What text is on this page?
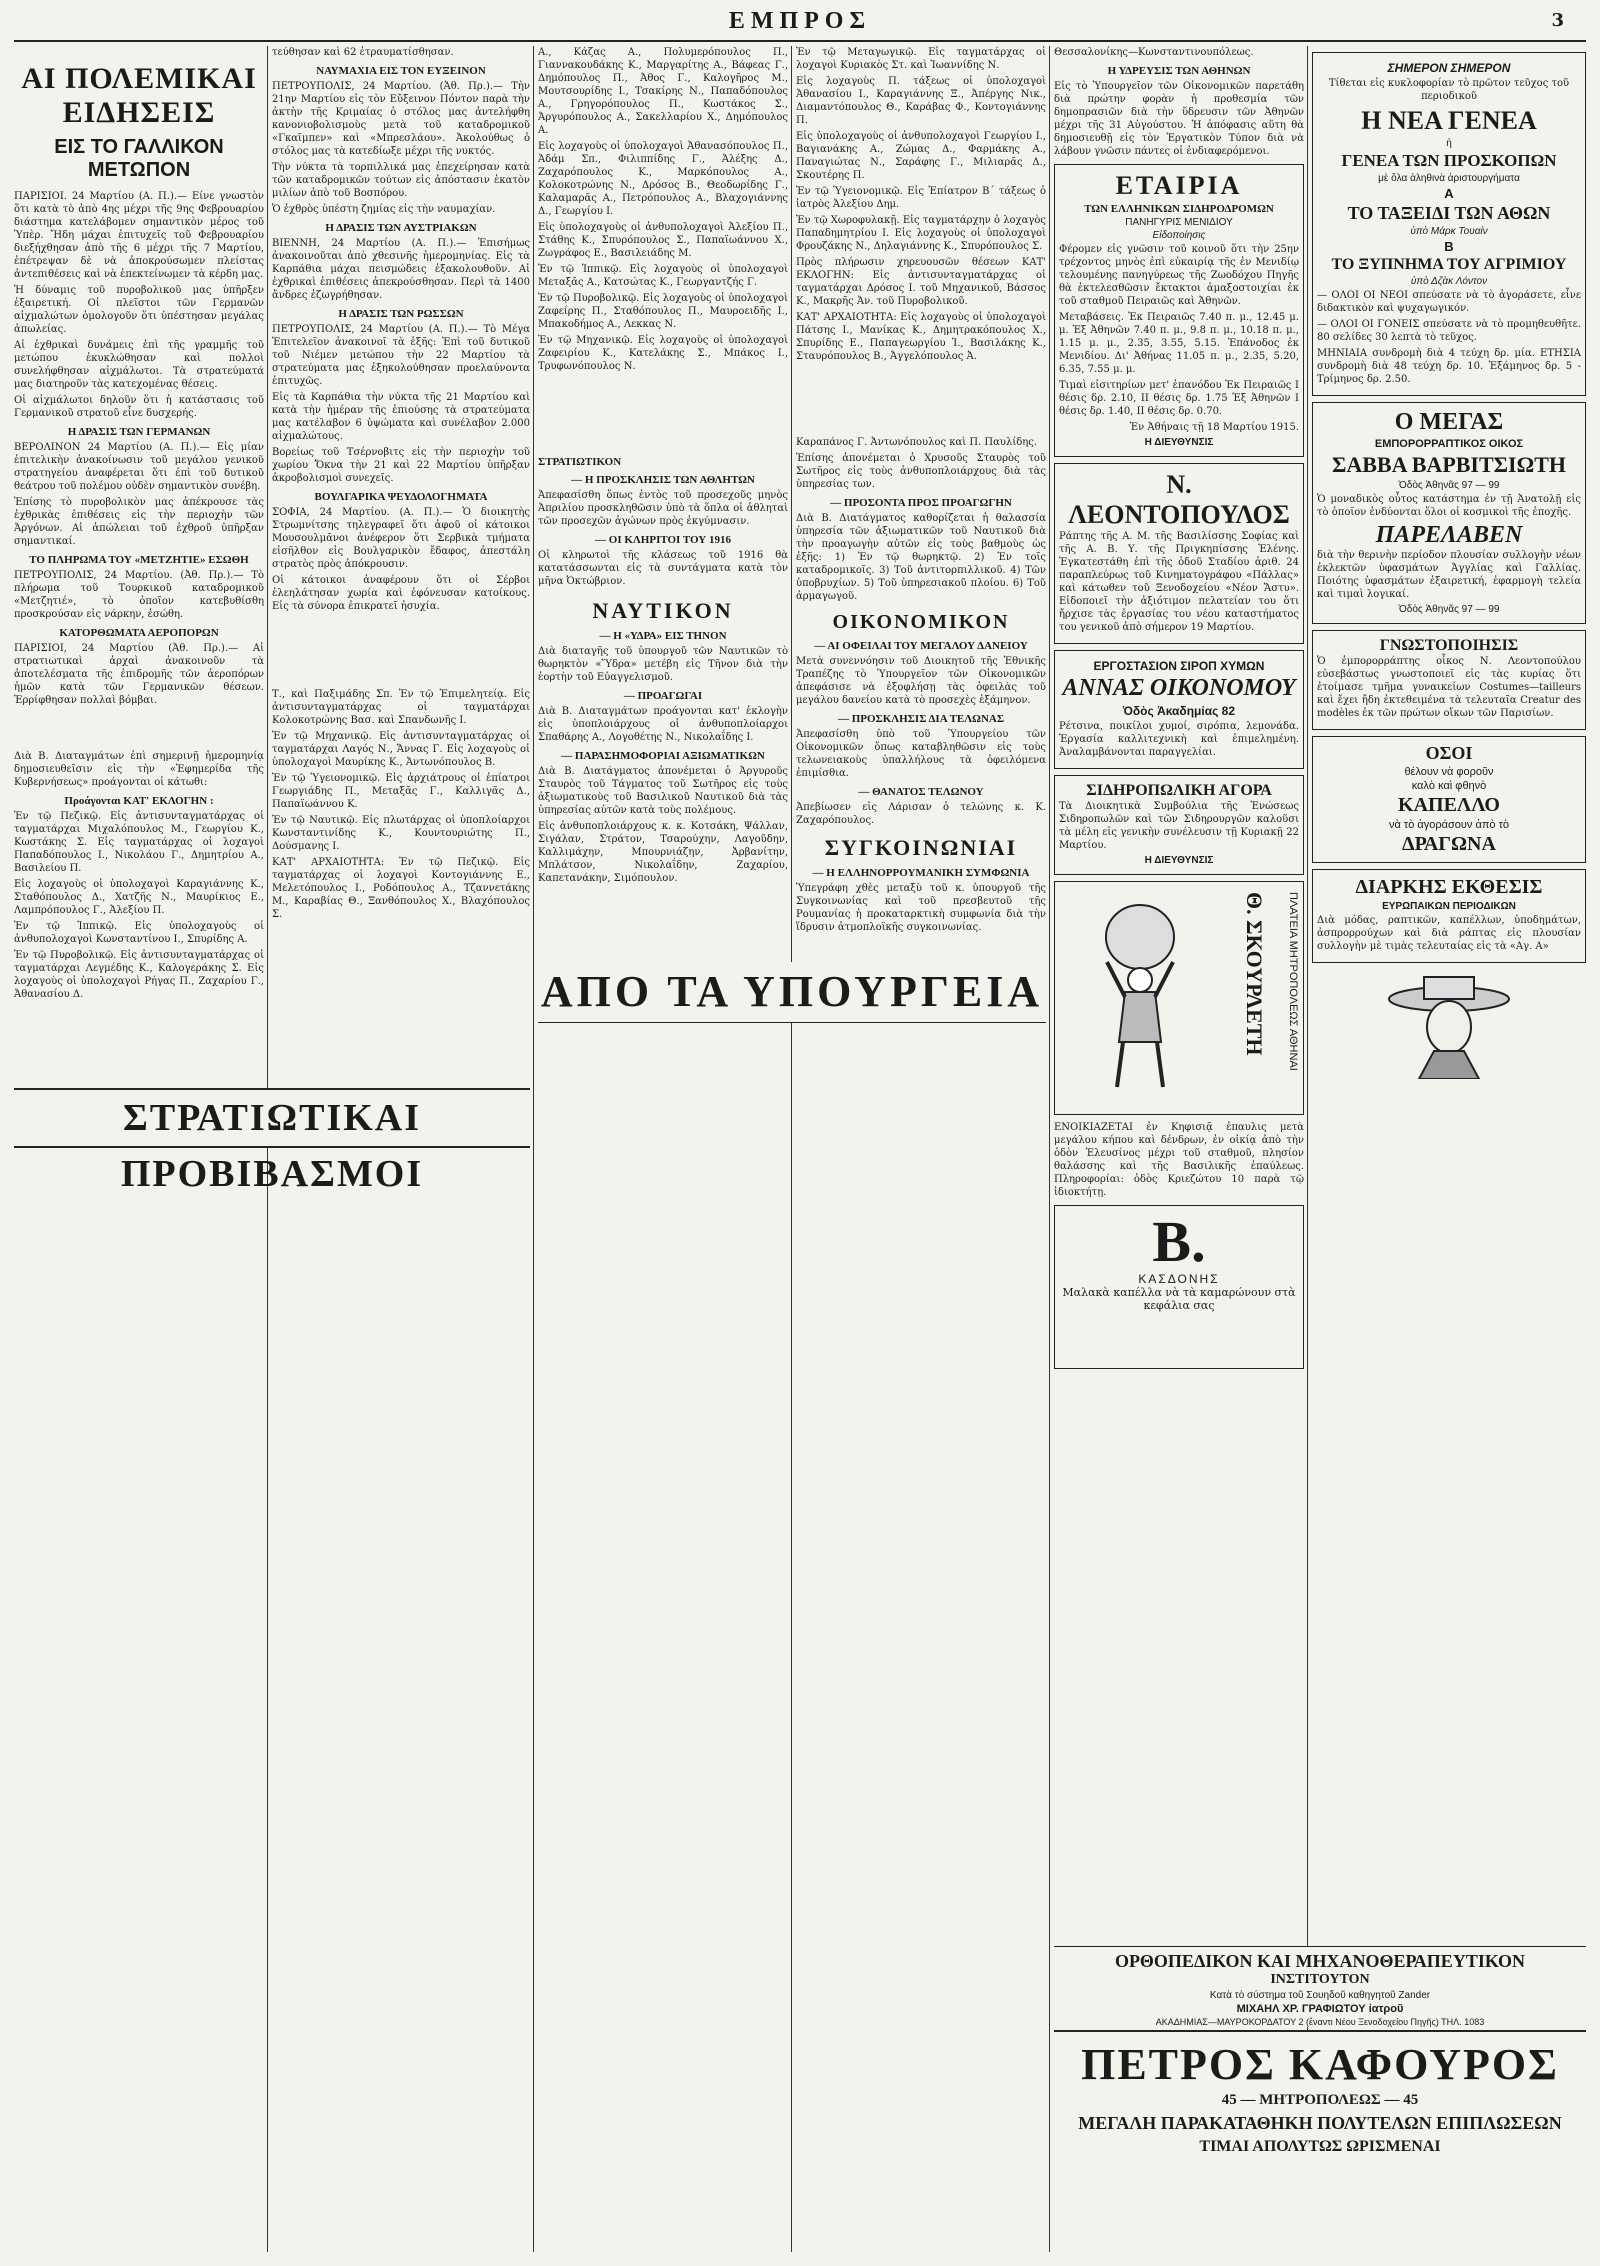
ΕΜΠΡΟΣ	3
ΑΙ ΠΟΛΕΜΙΚΑΙ ΕΙΔΗΣΕΙΣ
ΕΙΣ ΤΟ ΓΑΛΛΙΚΟΝ ΜΕΤΩΠΟΝ

ΠΑΡΙΣΙΟΙ. 24 Μαρτίου (Α. Π.).— Είνε γνωστὸν ὅτι κατὰ τὸ ἀπὸ 4ης μέχρι τῆς 9ης Φεβρουαρίου διάστημα κατελάβομεν σημαντικὸν μέρος τοῦ Ὑπὲρ. Ἤδη μάχαι ἐπιτυχεῖς τοῦ Φεβρουαρίου διεξήχθησαν ἀπὸ τῆς 6 μέχρι τῆς 7 Μαρτίου, ἐπέτρεψαν δὲ νὰ ἀποκρούσωμεν πλείστας ἀντεπιθέσεις καὶ νὰ ἐπεκτείνωμεν τὰ κέρδη μας.

Ἡ δύναμις τοῦ πυροβολικοῦ μας ὑπῆρξεν ἐξαιρετική. Οἱ πλεῖστοι τῶν Γερμανῶν αἰχμαλώτων ὁμολογοῦν ὅτι ὑπέστησαν μεγάλας ἀπωλείας.

Αἱ ἐχθρικαὶ δυνάμεις ἐπὶ τῆς γραμμῆς τοῦ μετώπου ἐκυκλώθησαν καὶ πολλοὶ συνελήφθησαν αἰχμάλωτοι. Τὰ στρατεύματά μας διατηροῦν τὰς κατεχομένας θέσεις.

Οἱ αἰχμάλωτοι δηλοῦν ὅτι ἡ κατάστασις τοῦ Γερμανικοῦ στρατοῦ εἶνε δυσχερής.

Η ΔΡΑΣΙΣ ΤΩΝ ΓΕΡΜΑΝΩΝ

ΒΕΡΟΛΙΝΟΝ 24 Μαρτίου (Α. Π.).— Εἰς μίαν ἐπιτελικὴν ἀνακοίνωσιν τοῦ μεγάλου γενικοῦ στρατηγείου ἀναφέρεται ὅτι ἐπὶ τοῦ δυτικοῦ θεάτρου τοῦ πολέμου οὐδὲν σημαντικὸν συνέβη.

Ἐπίσης τὸ πυροβολικὸν μας ἀπέκρουσε τὰς ἐχθρικὰς ἐπιθέσεις εἰς τὴν περιοχὴν τῶν Ἀργόνων. Αἱ ἀπώλειαι τοῦ ἐχθροῦ ὑπῆρξαν σημαντικαί.

ΤΟ ΠΛΗΡΩΜΑ ΤΟΥ «ΜΕΤΖΗΤΙΕ» ΕΣΩΘΗ

ΠΕΤΡΟΥΠΟΛΙΣ, 24 Μαρτίου. (Ἀθ. Πρ.).— Τὸ πλήρωμα τοῦ Τουρκικοῦ καταδρομικοῦ «Μετζητιέ», τὸ ὁποῖον κατεβυθίσθη προσκρούσαν εἰς νάρκην, ἐσώθη.

ΚΑΤΟΡΘΩΜΑΤΑ ΑΕΡΟΠΟΡΩΝ

ΠΑΡΙΣΙΟΙ, 24 Μαρτίου (Ἀθ. Πρ.).— Αἱ στρατιωτικαὶ ἀρχαὶ ἀνακοινοῦν τὰ ἀποτελέσματα τῆς ἐπιδρομῆς τῶν ἀεροπόρων ἡμῶν κατὰ τῶν Γερμανικῶν θέσεων. Ἐρρίφθησαν πολλαὶ βόμβαι.

Διὰ Β. Διαταγμάτων ἐπὶ σημερινῇ ἡμερομηνίᾳ δημοσιευθεῖσιν εἰς τὴν «Ἐφημερίδα τῆς Κυβερνήσεως» προάγονται οἱ κάτωθι:

Προάγονται ΚΑΤ' ΕΚΛΟΓΗΝ :

Ἐν τῷ Πεζικῷ. Εἰς ἀντισυνταγματάρχας οἱ ταγματάρχαι Μιχαλόπουλος Μ., Γεωργίου Κ., Κωστάκης Σ. Εἰς ταγματάρχας οἱ λοχαγοὶ Παπαδόπουλος Ι., Νικολάου Γ., Δημητρίου Α., Βασιλείου Π.

Εἰς λοχαγοὺς οἱ ὑπολοχαγοὶ Καραγιάννης Κ., Σταθόπουλος Δ., Χατζῆς Ν., Μαυρίκιος Ε., Λαμπρόπουλος Γ., Ἀλεξίου Π.

Ἐν τῷ Ἱππικῷ. Εἰς ὑπολοχαγοὺς οἱ ἀνθυπολοχαγοὶ Κωνσταντίνου Ι., Σπυρίδης Α.

Ἐν τῷ Πυροβολικῷ. Εἰς ἀντισυνταγματάρχας οἱ ταγματάρχαι Λεγμέδης Κ., Καλογεράκης Σ. Εἰς λοχαγοὺς οἱ ὑπολοχαγοὶ Ρήγας Π., Ζαχαρίου Γ., Ἀθανασίου Δ.

ΣΤΡΑΤΙΩΤΙΚΑΙ ΠΡΟΒΙΒΑΣΜΟΙ

τεύθησαν καὶ 62 ἐτραυματίσθησαν.

ΝΑΥΜΑΧΙΑ ΕΙΣ ΤΟΝ ΕΥΞΕΙΝΟΝ

ΠΕΤΡΟΥΠΟΛΙΣ, 24 Μαρτίου. (Ἀθ. Πρ.).— Τὴν 21ην Μαρτίου εἰς τὸν Εὔξεινον Πόντον παρὰ τὴν ἀκτὴν τῆς Κριμαίας ὁ στόλος μας ἀντελήφθη κανονιοβολισμοὺς μετὰ τοῦ καταδρομικοῦ «Γκαῖμπεν» καὶ «Μπρεσλάου». Ἀκολούθως ὁ στόλος μας τὰ κατεδίωξε μέχρι τῆς νυκτός.

Τὴν νύκτα τὰ τορπιλλικά μας ἐπεχείρησαν κατὰ τῶν καταδρομικῶν τούτων εἰς ἀπόστασιν ἑκατὸν μιλίων ἀπὸ τοῦ Βοσπόρου.

Ὁ ἐχθρὸς ὑπέστη ζημίας εἰς τὴν ναυμαχίαν.

Η ΔΡΑΣΙΣ ΤΩΝ ΑΥΣΤΡΙΑΚΩΝ

ΒΙΕΝΝΗ, 24 Μαρτίου (Α. Π.).— Ἐπισήμως ἀνακοινοῦται ἀπὸ χθεσινῆς ἡμερομηνίας. Εἰς τὰ Καρπάθια μάχαι πεισμώδεις ἐξακολουθοῦν. Αἱ ἐχθρικαὶ ἐπιθέσεις ἀπεκρούσθησαν. Περὶ τὰ 1400 ἄνδρες ἐζωγρήθησαν.

Η ΔΡΑΣΙΣ ΤΩΝ ΡΩΣΣΩΝ

ΠΕΤΡΟΥΠΟΛΙΣ, 24 Μαρτίου (Α. Π.).— Τὸ Μέγα Ἐπιτελεῖον ἀνακοινοῖ τὰ ἑξῆς: Ἐπὶ τοῦ δυτικοῦ τοῦ Νιέμεν μετώπου τὴν 22 Μαρτίου τὰ στρατεύματα μας ἐξηκολούθησαν προελαύνοντα ἐπιτυχῶς.

Εἰς τὰ Καρπάθια τὴν νύκτα τῆς 21 Μαρτίου καὶ κατὰ τὴν ἡμέραν τῆς ἐπιούσης τὰ στρατεύματα μας κατέλαβον 6 ὑψώματα καὶ συνέλαβον 2.000 αἰχμαλώτους.

Βορείως τοῦ Τσέρνοβιτς εἰς τὴν περιοχὴν τοῦ χωρίου Ὄκνα τὴν 21 καὶ 22 Μαρτίου ὑπῆρξαν ἀκροβολισμοὶ συνεχεῖς.

ΒΟΥΛΓΑΡΙΚΑ ΨΕΥΔΟΛΟΓΗΜΑΤΑ

ΣΟΦΙΑ, 24 Μαρτίου. (Α. Π.).— Ὁ διοικητὴς Στρωμνίτσης τηλεγραφεῖ ὅτι ἀφοῦ οἱ κάτοικοι Μουσουλμᾶνοι ἀνέφερον ὅτι Σερβικὰ τμήματα εἰσῆλθον εἰς Βουλγαρικὸν ἔδαφος, ἀπεστάλη στρατὸς πρὸς ἀπόκρουσιν.

Οἱ κάτοικοι ἀναφέρουν ὅτι οἱ Σέρβοι ἐλεηλάτησαν χωρία καὶ ἐφόνευσαν κατοίκους. Εἰς τὰ σύνορα ἐπικρατεῖ ἡσυχία.

Τ., καὶ Παξιμάδης Σπ. Ἐν τῷ Ἐπιμελητείᾳ. Εἰς ἀντισυνταγματάρχας οἱ ταγματάρχαι Κολοκοτρώνης Βασ. καὶ Σπανδωνῆς Ι.

Ἐν τῷ Μηχανικῷ. Εἰς ἀντισυνταγματάρχας οἱ ταγματάρχαι Λαγός Ν., Ἄννας Γ. Εἰς λοχαγοὺς οἱ ὑπολοχαγοὶ Μαυρίκης Κ., Ἀντωνόπουλος Β.

Ἐν τῷ Ὑγειονομικῷ. Εἰς ἀρχιάτρους οἱ ἐπίατροι Γεωργιάδης Π., Μεταξᾶς Γ., Καλλιγᾶς Δ., Παπαϊωάννου Κ.

Ἐν τῷ Ναυτικῷ. Εἰς πλωτάρχας οἱ ὑποπλοίαρχοι Κωνσταντινίδης Κ., Κουντουριώτης Π., Δούσμανης Ι.

ΚΑΤ' ΑΡΧΑΙΟΤΗΤΑ: Ἐν τῷ Πεζικῷ. Εἰς ταγματάρχας οἱ λοχαγοὶ Κοντογιάννης Ε., Μελετόπουλος Ι., Ροδόπουλος Α., Τζαννετάκης Μ., Καραβίας Θ., Ξανθόπουλος Χ., Βλαχόπουλος Σ.

Α., Κάζας Α., Πολυμερόπουλος Π., Γιαννακουδάκης Κ., Μαργαρίτης Α., Βάφεας Γ., Δημόπουλος Π., Ἀθος Γ., Καλογῆρος Μ., Μουτσουρίδης Ι., Τσακίρης Ν., Παπαδόπουλος Α., Γρηγορόπουλος Π., Κωστάκος Σ., Ἀργυρόπουλος Α., Σακελλαρίου Χ., Δημόπουλος Α.

Εἰς λοχαγοὺς οἱ ὑπολοχαγοὶ Ἀθανασόπουλος Π., Ἀδάμ Σπ., Φιλιππίδης Γ., Ἀλέξης Δ., Ζαχαρόπουλος Κ., Μαρκόπουλος Α., Κολοκοτρώνης Ν., Δρόσος Β., Θεοδωρίδης Γ., Καλαμαρᾶς Α., Πετρόπουλος Α., Βλαχογιάννης Δ., Γεωργίου Ι.

Εἰς ὑπολοχαγοὺς οἱ ἀνθυπολοχαγοὶ Ἀλεξίου Π., Στάθης Κ., Σπυρόπουλος Σ., Παπαϊωάννου Χ., Ζωγράφος Ε., Βασιλειάδης Μ.

Ἐν τῷ Ἱππικῷ. Εἰς λοχαγοὺς οἱ ὑπολοχαγοὶ Μεταξᾶς Α., Κατσώτας Κ., Γεωργαντζής Γ.

Ἐν τῷ Πυροβολικῷ. Εἰς λοχαγοὺς οἱ ὑπολοχαγοὶ Ζαφείρης Π., Σταθόπουλος Π., Μαυροειδῆς Ι., Μπακοδήμος Α., Λεκκας Ν.

Ἐν τῷ Μηχανικῷ. Εἰς λοχαγοὺς οἱ ὑπολοχαγοὶ Ζαφειρίου Κ., Κατελάκης Σ., Μπάκος Ι., Τρυφωνόπουλος Ν.

ΣΤΡΑΤΙΩΤΙΚΟΝ
— Η ΠΡΟΣΚΛΗΣΙΣ ΤΩΝ ΑΘΛΗΤΩΝ

Ἀπεφασίσθη ὅπως ἐντὸς τοῦ προσεχοῦς μηνὸς Ἀπριλίου προσκληθῶσιν ὑπὸ τὰ ὅπλα οἱ ἀθληταὶ τῶν προσεχῶν ἀγώνων πρὸς ἐκγύμνασιν.

— ΟΙ ΚΛΗΡΙΤΟΙ ΤΟΥ 1916

Οἱ κληρωτοὶ τῆς κλάσεως τοῦ 1916 θὰ κατατάσσωνται εἰς τὰ συντάγματα κατὰ τὸν μῆνα Ὀκτώβριον.

ΝΑΥΤΙΚΟΝ
— Η «ΥΔΡΑ» ΕΙΣ ΤΗΝΟΝ

Διὰ διαταγῆς τοῦ ὑπουργοῦ τῶν Ναυτικῶν τὸ θωρηκτὸν «Ὕδρα» μετέβη εἰς Τῆνον διὰ τὴν ἑορτὴν τοῦ Εὐαγγελισμοῦ.

— ΠΡΟΑΓΩΓΑΙ

Διὰ Β. Διαταγμάτων προάγονται κατ' ἐκλογὴν εἰς ὑποπλοιάρχους οἱ ἀνθυποπλοίαρχοι Σπαθάρης Α., Λογοθέτης Ν., Νικολαΐδης Ι.

— ΠΑΡΑΣΗΜΟΦΟΡΙΑΙ ΑΞΙΩΜΑΤΙΚΩΝ

Διὰ Β. Διατάγματος ἀπονέμεται ὁ Ἀργυροῦς Σταυρὸς τοῦ Τάγματος τοῦ Σωτῆρος εἰς τοὺς ἀξιωματικοὺς τοῦ Βασιλικοῦ Ναυτικοῦ διὰ τὰς ὑπηρεσίας αὐτῶν κατὰ τοὺς πολέμους.

Εἰς ἀνθυποπλοιάρχους κ. κ. Κοτσάκη, Ψάλλαν, Σιγάλαν, Στράτον, Τσαρούχην, Λαγοῦδην, Καλλιμάχην, Μπουρνιάζην, Ἀρβανίτην, Μπλάτσον, Νικολαΐδην, Ζαχαρίου, Καπετανάκην, Σιμόπουλον.

ΑΠΟ ΤΑ ΥΠΟΥΡΓΕΙΑ

Ἐν τῷ Μεταγωγικῷ. Εἰς ταγματάρχας οἱ λοχαγοὶ Κυριακὸς Στ. καὶ Ἰωαννίδης Ν.

Εἰς λοχαγοὺς Π. τάξεως οἱ ὑπολοχαγοὶ Ἀθανασίου Ι., Καραγιάννης Ξ., Ἀπέργης Νικ., Διαμαντόπουλος Θ., Καράβας Φ., Κοντογιάννης Π.

Εἰς ὑπολοχαγοὺς οἱ ἀνθυπολοχαγοὶ Γεωργίου Ι., Βαγιανάκης Α., Ζώμας Δ., Φαρμάκης Α., Παναγιώτας Ν., Σαράφης Γ., Μιλιαρᾶς Δ., Σκουτέρης Π.

Ἐν τῷ Ὑγειονομικῷ. Εἰς Ἐπίατρον Β΄ τάξεως ὁ ἰατρὸς Ἀλεξίου Δημ.

Ἐν τῷ Χωροφυλακῇ. Εἰς ταγματάρχην ὁ λοχαγὸς Παπαδημητρίου Ι. Εἰς λοχαγοὺς οἱ ὑπολοχαγοὶ Φρουζάκης Ν., Δηλαγιάννης Κ., Σπυρόπουλος Σ.

Πρὸς πλήρωσιν χηρευουσῶν θέσεων ΚΑΤ' ΕΚΛΟΓΗΝ: Εἰς ἀντισυνταγματάρχας οἱ ταγματάρχαι Δρόσος Ι. τοῦ Μηχανικοῦ, Βάσσος Κ., Μακρῆς Ἀν. τοῦ Πυροβολικοῦ.

ΚΑΤ' ΑΡΧΑΙΟΤΗΤΑ: Εἰς λοχαγοὺς οἱ ὑπολοχαγοὶ Πάτσης Ι., Μανίκας Κ., Δημητρακόπουλος Χ., Σπυρίδης Ε., Παπαγεωργίου Ἰ., Βασιλάκης Κ., Σταυρόπουλος Β., Ἀγγελόπουλος Ἀ.

Καραπάνος Γ. Ἀντωνόπουλος καὶ Π. Παυλίδης.

Ἐπίσης ἀπονέμεται ὁ Χρυσοῦς Σταυρὸς τοῦ Σωτῆρος εἰς τοὺς ἀνθυποπλοιάρχους διὰ τὰς ὑπηρεσίας των.

— ΠΡΟΣΟΝΤΑ ΠΡΟΣ ΠΡΟΑΓΩΓΗΝ

Διὰ Β. Διατάγματος καθορίζεται ἡ θαλασσία ὑπηρεσία τῶν ἀξιωματικῶν τοῦ Ναυτικοῦ διὰ τὴν προαγωγὴν αὐτῶν εἰς τοὺς βαθμοὺς ὡς ἑξῆς: 1) Ἐν τῷ θωρηκτῷ. 2) Ἐν τοῖς καταδρομικοῖς. 3) Τοῦ ἀντιτορπιλλικοῦ. 4) Τῶν ὑποβρυχίων. 5) Τοῦ ὑπηρεσιακοῦ πλοίου. 6) Τοῦ ἀρμαγωγοῦ.

ΟΙΚΟΝΟΜΙΚΟΝ
— ΑΙ ΟΦΕΙΛΑΙ ΤΟΥ ΜΕΓΑΛΟΥ ΔΑΝΕΙΟΥ

Μετὰ συνεννόησιν τοῦ Διοικητοῦ τῆς Ἐθνικῆς Τραπέζης τὸ Ὑπουργεῖον τῶν Οἰκονομικῶν ἀπεφάσισε νὰ ἐξοφλήσῃ τὰς ὀφειλὰς τοῦ μεγάλου δανείου κατὰ τὸ προσεχὲς ἑξάμηνον.

— ΠΡΟΣΚΛΗΣΙΣ ΔΙΑ ΤΕΛΩΝΑΣ

Ἀπεφασίσθη ὑπὸ τοῦ Ὑπουργείου τῶν Οἰκονομικῶν ὅπως καταβληθῶσιν εἰς τοὺς τελωνειακοὺς ὑπαλλήλους τὰ ὀφειλόμενα ἐπιμίσθια.

— ΘΑΝΑΤΟΣ ΤΕΛΩΝΟΥ

Ἀπεβίωσεν εἰς Λάρισαν ὁ τελώνης κ. Κ. Ζαχαρόπουλος.

ΣΥΓΚΟΙΝΩΝΙΑΙ
— Η ΕΛΛΗΝΟΡΡΟΥΜΑΝΙΚΗ ΣΥΜΦΩΝΙΑ

Ὑπεγράφη χθὲς μεταξὺ τοῦ κ. ὑπουργοῦ τῆς Συγκοινωνίας καὶ τοῦ πρεσβευτοῦ τῆς Ρουμανίας ἡ προκαταρκτικὴ συμφωνία διὰ τὴν ἵδρυσιν ἀτμοπλοϊκῆς συγκοινωνίας.

Θεσσαλονίκης—Κωνσταντινουπόλεως.

Η ΥΔΡΕΥΣΙΣ ΤΩΝ ΑΘΗΝΩΝ

Εἰς τὸ Ὑπουργεῖον τῶν Οἰκονομικῶν παρετάθη διὰ πρώτην φορὰν ἡ προθεσμία τῶν δημοπρασιῶν διὰ τὴν ὕδρευσιν τῶν Ἀθηνῶν μέχρι τῆς 31 Αὐγούστου. Ἡ ἀπόφασις αὕτη θὰ δημοσιευθῇ εἰς τὸν Ἐργατικὸν Τύπον διὰ νὰ λάβουν γνῶσιν πάντες οἱ ἐνδιαφερόμενοι.

ΕΤΑΙΡΙΑ
ΤΩΝ ΕΛΛΗΝΙΚΩΝ ΣΙΔΗΡΟΔΡΟΜΩΝ
ΠΑΝΗΓΥΡΙΣ ΜΕΝΙΔΙΟΥ
Εἰδοποίησις

Φέρομεν εἰς γνῶσιν τοῦ κοινοῦ ὅτι τὴν 25ην τρέχοντος μηνὸς ἐπὶ εὐκαιρίᾳ τῆς ἐν Μενιδίῳ τελουμένης πανηγύρεως τῆς Ζωοδόχου Πηγῆς θὰ ἐκτελεσθῶσιν ἔκτακτοι ἁμαξοστοιχίαι ἐκ τοῦ σταθμοῦ Πειραιῶς καὶ Ἀθηνῶν.

Μεταβάσεις. Ἐκ Πειραιῶς 7.40 π. μ., 12.45 μ. μ. Ἐξ Ἀθηνῶν 7.40 π. μ., 9.8 π. μ., 10.18 π. μ., 1.15 μ. μ., 2.35, 3.55, 5.15. Ἐπάνοδος ἐκ Μενιδίου. Δι' Ἀθήνας 11.05 π. μ., 2.35, 5.20, 6.35, 7.55 μ. μ.

Τιμαὶ εἰσιτηρίων μετ' ἐπανόδου Ἐκ Πειραιῶς I θέσις δρ. 2.10, II θέσις δρ. 1.75 Ἐξ Ἀθηνῶν I θέσις δρ. 1.40, II θέσις δρ. 0.70.

Ἐν Ἀθήναις τῇ 18 Μαρτίου 1915.

Η ΔΙΕΥΘΥΝΣΙΣ
Ν. ΛΕΟΝΤΟΠΟΥΛΟΣ

Ράπτης τῆς Α. Μ. τῆς Βασιλίσσης Σοφίας καὶ τῆς Α. Β. Υ. τῆς Πριγκηπίσσης Ἑλένης. Ἐγκατεστάθη ἐπὶ τῆς ὁδοῦ Σταδίου ἀριθ. 24 παραπλεύρως τοῦ Κινηματογράφου «Πάλλας» καὶ κάτωθεν τοῦ Ξενοδοχείου «Νέον Ἄστυ». Εἰδοποιεῖ τὴν ἀξιότιμον πελατείαν του ὅτι ἤρχισε τὰς ἐργασίας του νέου καταστήματος του γενικοῦ ἀπὸ σήμερον 19 Μαρτίου.

ΕΡΓΟΣΤΑΣΙΟΝ ΣΙΡΟΠ ΧΥΜΩΝ
ΑΝΝΑΣ ΟΙΚΟΝΟΜΟΥ
Ὁδὸς Ἀκαδημίας 82

Ρέτσινα, ποικίλοι χυμοί, σιρόπια, λεμονάδα. Ἐργασία καλλιτεχνικὴ καὶ ἐπιμελημένη. Ἀναλαμβάνονται παραγγελίαι.

ΣΙΔΗΡΟΠΩΛΙΚΗ ΑΓΟΡΑ

Τὰ Διοικητικὰ Συμβούλια τῆς Ἐνώσεως Σιδηροπωλῶν καὶ τῶν Σιδηρουργῶν καλοῦσι τὰ μέλη εἰς γενικὴν συνέλευσιν τῇ Κυριακῇ 22 Μαρτίου.

Η ΔΙΕΥΘΥΝΣΙΣ
Θ. ΣΚΟΥΡΛΕΤΗ	ΠΛΑΤΕΙΑ ΜΗΤΡΟΠΟΛΕΩΣ ΑΘΗΝΑΙ

ΕΝΟΙΚΙΑΖΕΤΑΙ ἐν Κηφισιᾷ ἐπαυλις μετὰ μεγάλου κήπου καὶ δένδρων, ἐν οἰκίᾳ ἀπὸ τὴν ὁδὸν Ἐλευσίνος μέχρι τοῦ σταθμοῦ, πλησίον θαλάσσης καὶ τῆς Βασιλικῆς ἐπαύλεως. Πληροφορίαι: ὁδὸς Κριεζώτου 10 παρὰ τῷ ἰδιοκτήτῃ.

Β.
ΚΑΣΔΟΝΗΣ

Μαλακὰ καπέλλα νὰ τὰ καμαρώνουν στὰ κεφάλια σας

ΣΗΜΕΡΟΝ ΣΗΜΕΡΟΝ

Τίθεται εἰς κυκλοφορίαν τὸ πρῶτον τεῦχος τοῦ περιοδικοῦ

Η ΝΕΑ ΓΕΝΕΑ
ἡ
ΓΕΝΕΑ ΤΩΝ ΠΡΟΣΚΟΠΩΝ
μὲ ὅλα ἀληθινὰ ἀριστουργήματα
Α
ΤΟ ΤΑΞΕΙΔΙ ΤΩΝ ΑΘΩΝ
ὑπὸ Μάρκ Τουαίν
Β
ΤΟ ΞΥΠΝΗΜΑ ΤΟΥ ΑΓΡΙΜΙΟΥ
ὑπὸ Δζὰκ Λόντον

— ΟΛΟΙ ΟΙ ΝΕΟΙ σπεύσατε νὰ τὸ ἀγοράσετε, εἶνε διδακτικὸν καὶ ψυχαγωγικόν.

— ΟΛΟΙ ΟΙ ΓΟΝΕΙΣ σπεύσατε νὰ τὸ προμηθευθῆτε. 80 σελίδες 30 λεπτὰ τὸ τεῦχος.

ΜΗΝΙΑΙΑ συνδρομὴ διὰ 4 τεύχη δρ. μία. ΕΤΗΣΙΑ συνδρομὴ διὰ 48 τεύχη δρ. 10. Ἐξάμηνος δρ. 5 - Τρίμηνος δρ. 2.50.

Ο ΜΕΓΑΣ
ΕΜΠΟΡΟΡΡΑΠΤΙΚΟΣ ΟΙΚΟΣ
ΣΑΒΒΑ ΒΑΡΒΙΤΣΙΩΤΗ
Ὁδὸς Ἀθηνᾶς 97 — 99

Ὁ μοναδικὸς οὗτος κατάστημα ἐν τῇ Ἀνατολῇ εἰς τὸ ὁποῖον ἐνδύονται ὅλοι οἱ κοσμικοὶ τῆς ἐποχῆς.

ΠΑΡΕΛΑΒΕΝ

διὰ τὴν θερινὴν περίοδον πλουσίαν συλλογὴν νέων ἐκλεκτῶν ὑφασμάτων Ἀγγλίας καὶ Γαλλίας. Ποιότης ὑφασμάτων ἐξαιρετική, ἐφαρμογὴ τελεία καὶ τιμαὶ λογικαί.

Ὁδὸς Ἀθηνᾶς 97 — 99
ΓΝΩΣΤΟΠΟΙΗΣΙΣ

Ὁ ἐμπορορράπτης οἶκος Ν. Λεοντοπούλου εὐσεβάστως γνωστοποιεῖ εἰς τὰς κυρίας ὅτι ἐτοίμασε τμῆμα γυναικείων Costumes—tailleurs καὶ ἔχει ἤδη ἐκτεθειμένα τὰ τελευταῖα Creatur des modèles ἐκ τῶν πρώτων οἴκων τῶν Παρισίων.

ΟΣΟΙ
θέλουν νὰ φοροῦν
καλὸ καὶ φθηνὸ
ΚΑΠΕΛΛΟ
νὰ τὸ ἀγοράσουν ἀπὸ τὸ
ΔΡΑΓΩΝΑ
ΔΙΑΡΚΗΣ ΕΚΘΕΣΙΣ
ΕΥΡΩΠΑΙΚΩΝ ΠΕΡΙΟΔΙΚΩΝ

Διὰ μόδας, ραπτικῶν, καπέλλων, ὑποδημάτων, ἀσπρορρούχων καὶ διὰ ράπτας εἰς πλουσίαν συλλογὴν μὲ τιμὰς τελευταίας εἰς τὰ «Αγ. Α»

ΟΡΘΟΠΕΔΙΚΟΝ ΚΑΙ ΜΗΧΑΝΟΘΕΡΑΠΕΥΤΙΚΟΝ
ΙΝΣΤΙΤΟΥΤΟΝ
Κατὰ τὸ σύστημα τοῦ Σουηδοῦ καθηγητοῦ Zander
ΜΙΧΑΗΛ ΧΡ. ΓΡΑΦΙΩΤΟΥ ἰατροῦ
ΑΚΑΔΗΜΙΑΣ—ΜΑΥΡΟΚΟΡΔΑΤΟΥ 2 (ἔναντι Νέου Ξενοδοχείου Πηγῆς) ΤΗΛ. 1083
ΠΕΤΡΟΣ ΚΑΦΟΥΡΟΣ
45 — ΜΗΤΡΟΠΟΛΕΩΣ — 45
ΜΕΓΑΛΗ ΠΑΡΑΚΑΤΑΘΗΚΗ ΠΟΛΥΤΕΛΩΝ ΕΠΙΠΛΩΣΕΩΝ
ΤΙΜΑΙ ΑΠΟΛΥΤΩΣ ΩΡΙΣΜΕΝΑΙ
